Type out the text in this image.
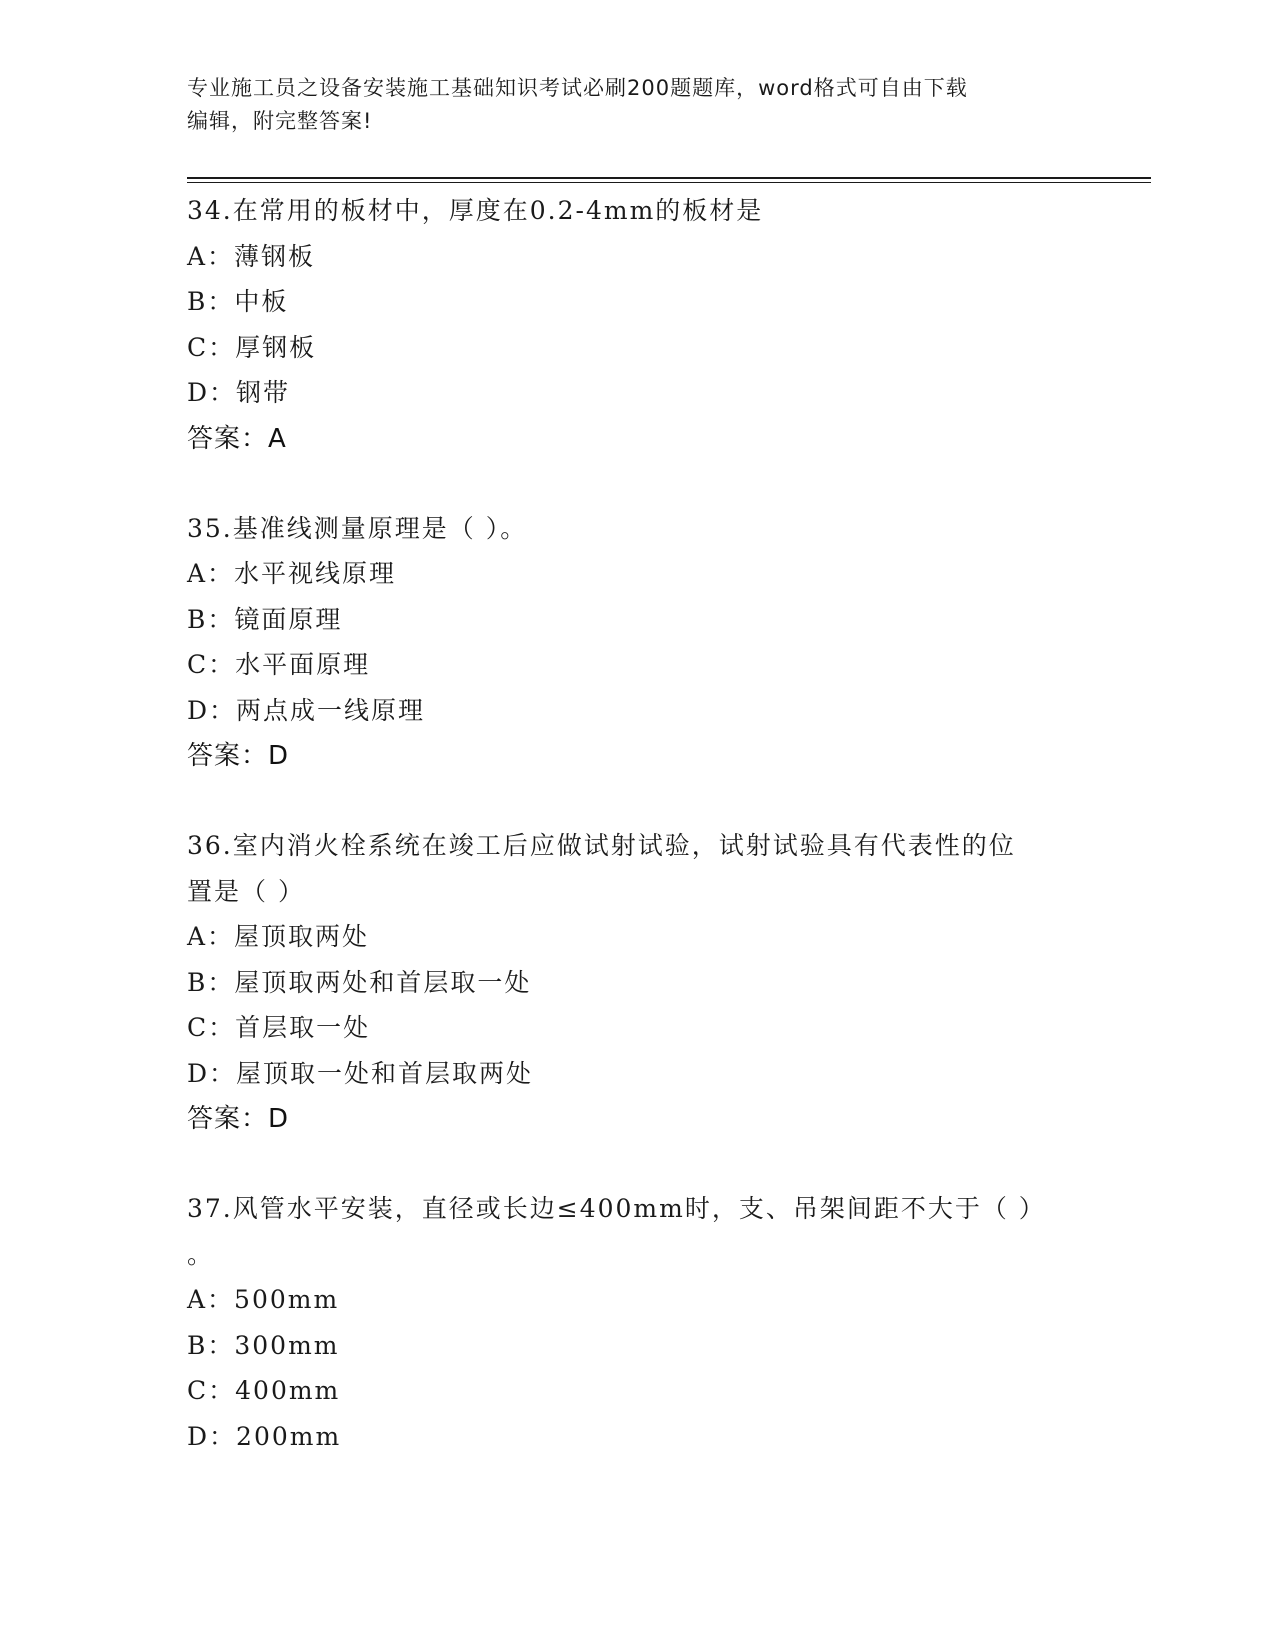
专业施工员之设备安装施工基础知识考试必刷200题题库，word格式可自由下载
编辑，附完整答案!
34.在常用的板材中，厚度在0.2-4mm的板材是
A：薄钢板
B：中板
C：厚钢板
D：钢带
答案：A
35.基准线测量原理是（ ）。
A：水平视线原理
B：镜面原理
C：水平面原理
D：两点成一线原理
答案：D
36.室内消火栓系统在竣工后应做试射试验，试射试验具有代表性的位
置是（ ）
A：屋顶取两处
B：屋顶取两处和首层取一处
C：首层取一处
D：屋顶取一处和首层取两处
答案：D
37.风管水平安装，直径或长边≤400mm时，支、吊架间距不大于（ ）
。
A：500mm
B：300mm
C：400mm
D：200mm
